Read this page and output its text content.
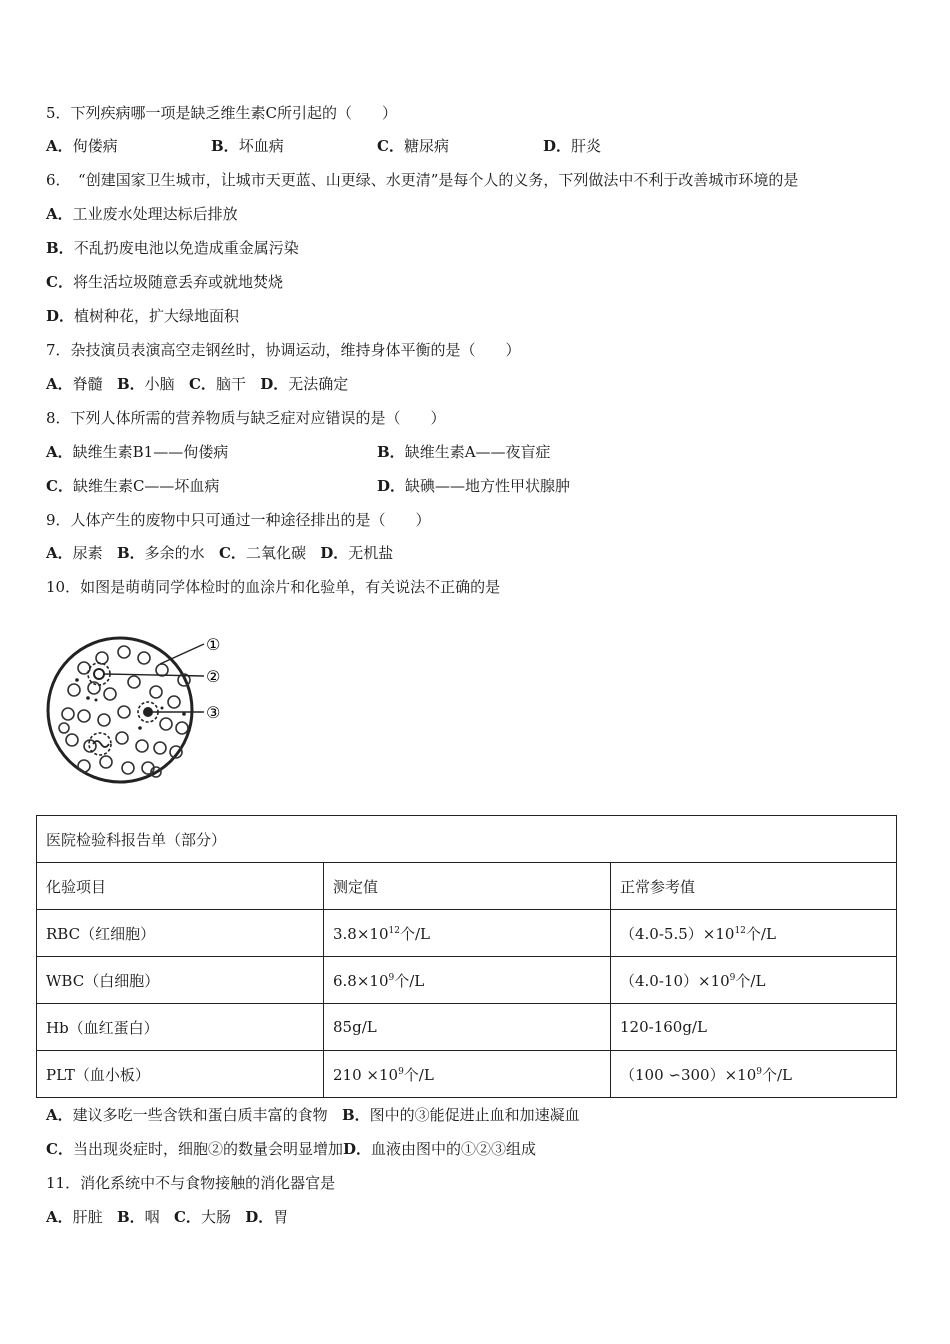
5．下列疾病哪一项是缺乏维生素C所引起的（　　）
A．佝偻病	B．坏血病	C．糖尿病	D．肝炎
6．　“创建国家卫生城市，让城市天更蓝、山更绿、水更清”是每个人的义务，下列做法中不利于改善城市环境的是
A．工业废水处理达标后排放
B．不乱扔废电池以免造成重金属污染
C．将生活垃圾随意丢弃或就地焚烧
D．植树种花，扩大绿地面积
7．杂技演员表演高空走钢丝时，协调运动，维持身体平衡的是（　　）
A．脊髓 B．小脑 C．脑干 D．无法确定
8．下列人体所需的营养物质与缺乏症对应错误的是（　　）
A．缺维生素B1——佝偻病	B．缺维生素A——夜盲症
C．缺维生素C——坏血病	D．缺碘——地方性甲状腺肿
9．人体产生的废物中只可通过一种途径排出的是（　　）
A．尿素 B．多余的水 C．二氧化碳 D．无机盐
10．如图是萌萌同学体检时的血涂片和化验单，有关说法不正确的是
①
②
③
医院检验科报告单（部分）		
化验项目	测定值	正常参考值
RBC（红细胞）	$3.8\times 10^{12}$个/L	$(4.0-5.5)\times 10^{12}$个/L
WBC（白细胞）	$6.8\times 10^9$个/L	$(4.0-10)\times 10^9$个/L
Hb（血红蛋白）	85g/L	120-160g/L
PLT（血小板）	$210 \times 10^9$个/L	（100 $∽300)\times 10^9$个/L
A．建议多吃一些含铁和蛋白质丰富的食物 B．图中的③能促进止血和加速凝血
C．当出现炎症时，细胞②的数量会明显增加D．血液由图中的①②③组成
11．消化系统中不与食物接触的消化器官是
A．肝脏 B．咽 C．大肠 D．胃
